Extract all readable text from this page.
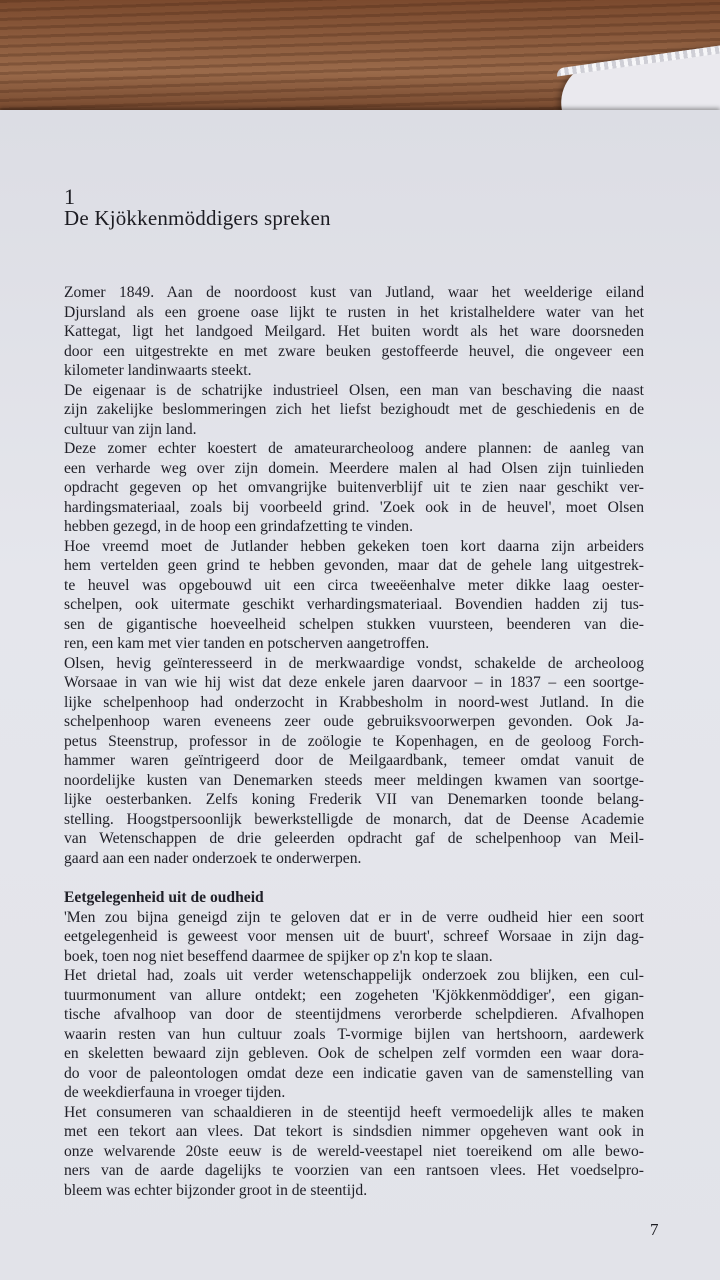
1
De Kjökkenmöddigers spreken

Zomer 1849. Aan de noordoost kust van Jutland, waar het weelderige eiland
Djursland als een groene oase lijkt te rusten in het kristalheldere water van het
Kattegat, ligt het landgoed Meilgard. Het buiten wordt als het ware doorsneden
door een uitgestrekte en met zware beuken gestoffeerde heuvel, die ongeveer een
kilometer landinwaarts steekt.

De eigenaar is de schatrijke industrieel Olsen, een man van beschaving die naast
zijn zakelijke beslommeringen zich het liefst bezighoudt met de geschiedenis en de
cultuur van zijn land.

Deze zomer echter koestert de amateurarcheoloog andere plannen: de aanleg van
een verharde weg over zijn domein. Meerdere malen al had Olsen zijn tuinlieden
opdracht gegeven op het omvangrijke buitenverblijf uit te zien naar geschikt ver-
hardingsmateriaal, zoals bij voorbeeld grind. 'Zoek ook in de heuvel', moet Olsen
hebben gezegd, in de hoop een grindafzetting te vinden.

Hoe vreemd moet de Jutlander hebben gekeken toen kort daarna zijn arbeiders
hem vertelden geen grind te hebben gevonden, maar dat de gehele lang uitgestrek-
te heuvel was opgebouwd uit een circa tweeëenhalve meter dikke laag oester-
schelpen, ook uitermate geschikt verhardingsmateriaal. Bovendien hadden zij tus-
sen de gigantische hoeveelheid schelpen stukken vuursteen, beenderen van die-
ren, een kam met vier tanden en potscherven aangetroffen.

Olsen, hevig geïnteresseerd in de merkwaardige vondst, schakelde de archeoloog
Worsaae in van wie hij wist dat deze enkele jaren daarvoor – in 1837 – een soortge-
lijke schelpenhoop had onderzocht in Krabbesholm in noord-west Jutland. In die
schelpenhoop waren eveneens zeer oude gebruiksvoorwerpen gevonden. Ook Ja-
petus Steenstrup, professor in de zoölogie te Kopenhagen, en de geoloog Forch-
hammer waren geïntrigeerd door de Meilgaardbank, temeer omdat vanuit de
noordelijke kusten van Denemarken steeds meer meldingen kwamen van soortge-
lijke oesterbanken. Zelfs koning Frederik VII van Denemarken toonde belang-
stelling. Hoogstpersoonlijk bewerkstelligde de monarch, dat de Deense Academie
van Wetenschappen de drie geleerden opdracht gaf de schelpenhoop van Meil-
gaard aan een nader onderzoek te onderwerpen.

Eetgelegenheid uit de oudheid

'Men zou bijna geneigd zijn te geloven dat er in de verre oudheid hier een soort
eetgelegenheid is geweest voor mensen uit de buurt', schreef Worsaae in zijn dag-
boek, toen nog niet beseffend daarmee de spijker op z'n kop te slaan.

Het drietal had, zoals uit verder wetenschappelijk onderzoek zou blijken, een cul-
tuurmonument van allure ontdekt; een zogeheten 'Kjökkenmöddiger', een gigan-
tische afvalhoop van door de steentijdmens verorberde schelpdieren. Afvalhopen
waarin resten van hun cultuur zoals T-vormige bijlen van hertshoorn, aardewerk
en skeletten bewaard zijn gebleven. Ook de schelpen zelf vormden een waar dora-
do voor de paleontologen omdat deze een indicatie gaven van de samenstelling van
de weekdierfauna in vroeger tijden.

Het consumeren van schaaldieren in de steentijd heeft vermoedelijk alles te maken
met een tekort aan vlees. Dat tekort is sindsdien nimmer opgeheven want ook in
onze welvarende 20ste eeuw is de wereld-veestapel niet toereikend om alle bewo-
ners van de aarde dagelijks te voorzien van een rantsoen vlees. Het voedselpro-
bleem was echter bijzonder groot in de steentijd.

7
